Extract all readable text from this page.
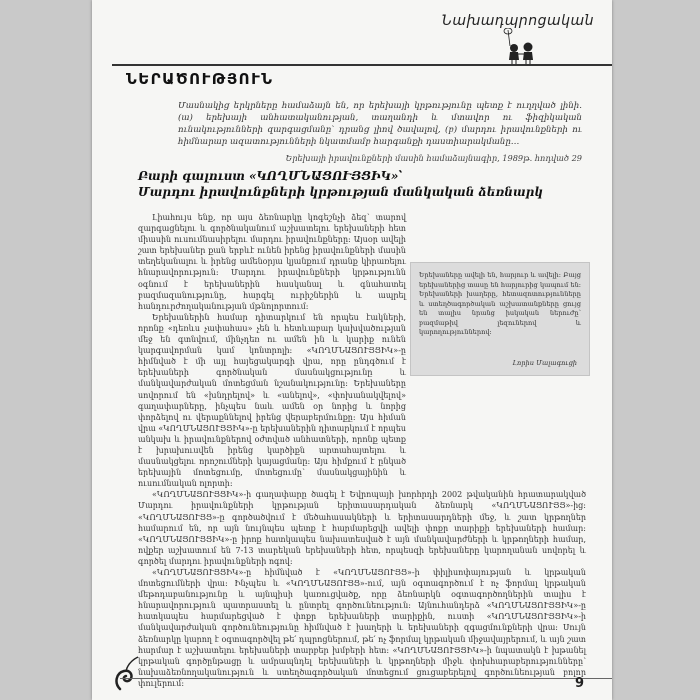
Նախադպրոցական
ՆԵՐԱԾՈՒԹՅՈՒՆ
Մասնակից երկրները համաձայն են, որ երեխայի կրթությունը պետք է ուղղված լինի. (ա) երեխայի անհատականության, տաղանդի և մտավոր ու ֆիզիկական ունակությունների զարգացմանը՝ դրանց լիով ծավալով, (բ) մարդու իրավունքների ու հիմնարար ազատությունների նկատմամբ հարգանքի դաստիարակմանը…
Երեխայի իրավունքների մասին համաձայնագիր, 1989թ. հոդված 29
Բարի գալուստ «ԿՈՂՄՆԱՑՈՒՅՑԻԿ»՝
Մարդու իրավունքների կրթության մանկական ձեռնարկ

Լիահույս ենք, որ այս ձեռնարկը կոգեշնչի ձեզ՝ տարով զարգացնելու և գործնականում աշխատելու երեխաների հետ միասին ուսումնասիրելու մարդու իրավունքները: Այսօր ավելի շատ երեխաներ քան երբևէ ունեն իրենց իրավունքների մասին տեղեկանալու և իրենց ամենօրյա կյանքում դրանք կիրառելու հնարավորություն: Մարդու իրավունքների կրթությունն օգնում է երեխաներին հասկանալ և գնահատել բազմազանությունը, հարգել ուրիշներին և ապրել հանդուրժողականության մթնոլորտում:

Երեխաներին համար դիտարկում են որպես էակների, որոնք «դեռևս չափահաս» չեն և հետևաբար կախվածության մեջ են գտնվում, մինչդեռ ու ամեն ին և կարիք ունեն կարգավորման կամ կոնտրոլի: «ԿՈՂՄՆԱՑՈՒՅՑԻԿ»-ը հիմնված է մի այլ հայեցակարգի վրա, որը ընդգծում է երեխաների գործնական մասնակցությունը և մանկավարժական մոտեցման նշանակությունը: Երեխաները սովորում են «խնդրելով» և «անելով», «փոխանակվելով» գաղափարները, ինչպես նաև ամեն օր նորից և նորից փորձելով ու վերաքննելով իրենց վերաբերմունքը: Այս հիման վրա «ԿՈՂՄՆԱՑՈՒՅՑԻԿ»-ը երեխաներին դիտարկում է որպես անկախ և իրավունքներով օժտված անհատների, որոնք պետք է խրախուսվեն իրենց կարծիքն արտահայտելու և մասնակցելու որոշումների կայացմանը: Այս հիմքում է ընկած երեխային մոտեցումը, մոտեցումը՝ մասնակցայինին և ուսումնական ոլորտի:

«ԿՈՂՄՆԱՑՈՒՅՑԻԿ»-ի գաղափարը ծագել է Եվրոպայի խորհրդի 2002 թվականին հրատարակված Մարդու իրավունքների կրթության երիտասարդական ձեռնարկ «ԿՈՂՄՆԱՑՈՒՅՑ»-ից: «ԿՈՂՄՆԱՑՈՒՅՑ»-ը գործածվում է մեծահասակների և երիտասարդների մեջ, և շատ կրթողներ համարում են, որ այն նույնպես պետք է հարմարեցվի ավելի փոքր տարիքի երեխաների համար: «ԿՈՂՄՆԱՑՈՒՅՑԻԿ»-ը իրոք հատկապես նախատեսված է այն մանկավարժների և կրթողների համար, ովքեր աշխատում են 7-13 տարեկան երեխաների հետ, որպեսզի երեխաները կարողանան սովորել և գործել մարդու իրավունքների ոգով:

«ԿՈՂՄՆԱՑՈՒՅՑԻԿ»-ը հիմնված է «ԿՈՂՄՆԱՑՈՒՅՑ»-ի փիլիսոփայության և կրթական մոտեցումների վրա: Ինչպես և «ԿՈՂՄՆԱՑՈՒՅՑ»-ում, այն օգտագործում է ոչ ֆորմալ կրթական մեթոդաբանությունը և այնպիսի կառուցվածք, որը ձեռնարկն օգտագործողներին տալիս է հնարավորություն պատրաստել և ընտրել գործունեություն: Այնուհանդերձ «ԿՈՂՄՆԱՑՈՒՅՑԻԿ»-ը հատկապես հարմարեցված է փոքր երեխաների տարիքին, ուստի «ԿՈՂՄՆԱՑՈՒՅՑԻԿ»-ի մանկավարժական գործունեությունը հիմնված է խաղերի և երեխաների զգացմունքների վրա: Սույն ձեռնարկը կարող է օգտագործվել թե՛ դպրոցներում, թե՛ ոչ ֆորմալ կրթական միջավայրերում, և այն շատ հարմար է աշխատելու երեխաների տարբեր խմբերի հետ: «ԿՈՂՄՆԱՑՈՒՅՑԻԿ»-ի նպատակն է խթանել կրթական գործընթացը և ամրապնդել երեխաների և կրթողների միջև փոխհարաբերությունները՝ նախաձեռնողականություն և ստեղծագործական մոտեցում ցուցաբերելով գործունեության բոլոր փուլերում:

Երեխաները ավելի են, հարյուր և ավելի: Բայց երեխաներից տասը են հարյուրից կապում են: Երեխաների խաղերը, հետազոտությունները և ստեղծագործական աշխատանքները ցույց են տալիս նրանց իսկական ներուժը՝ բազմաթիվ լեզուներով և կարողություններով:
Լորիս Մալագուցի
9
